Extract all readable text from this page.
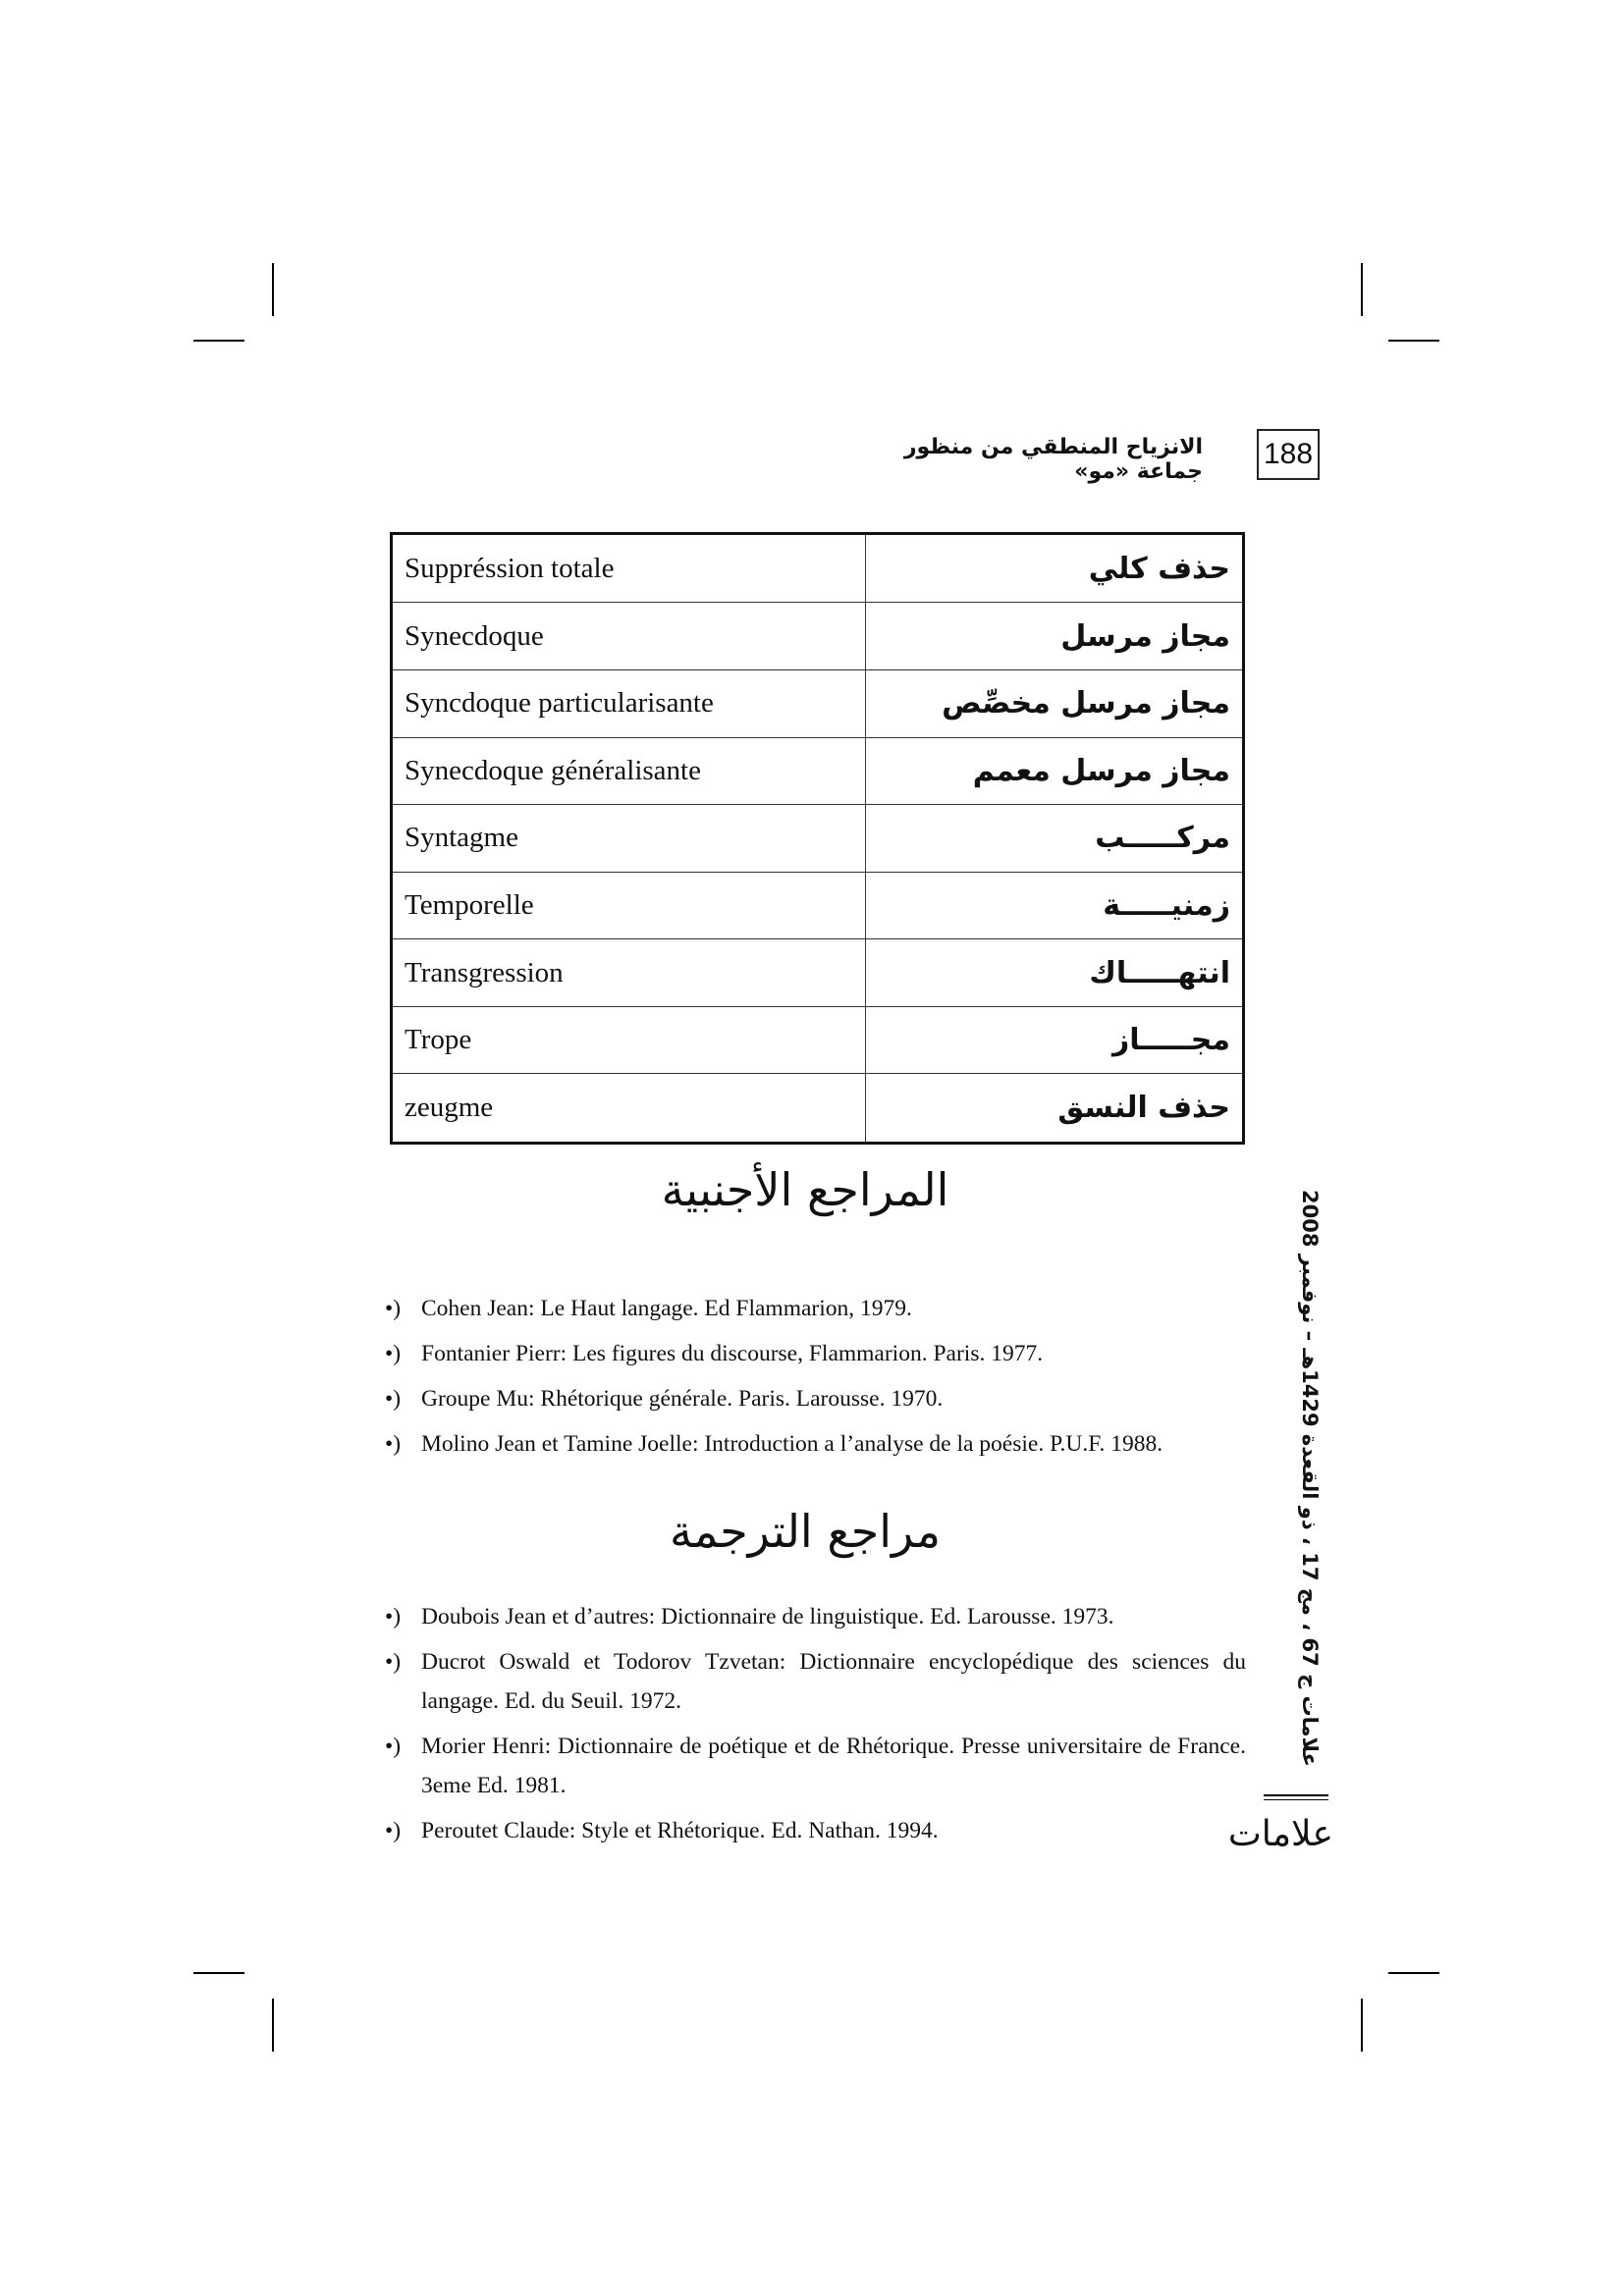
الانزياح المنطقي من منظور جماعة «مو»
188
Suppréssion totale	حذف كلي
Synecdoque	مجاز مرسل
Syncdoque particularisante	مجاز مرسل مخصِّص
Synecdoque généralisante	مجاز مرسل معمم
Syntagme	مركـــــب
Temporelle	زمنيـــــة
Transgression	انتهـــــاك
Trope	مجـــــاز
zeugme	حذف النسق
المراجع الأجنبية
•) Cohen Jean: Le Haut langage. Ed Flammarion, 1979.
•) Fontanier Pierr: Les figures du discourse, Flammarion. Paris. 1977.
•) Groupe Mu: Rhétorique générale. Paris. Larousse. 1970.
•) Molino Jean et Tamine Joelle: Introduction a l’analyse de la poésie. P.U.F. 1988.
مراجع الترجمة
•) Doubois Jean et d’autres: Dictionnaire de linguistique. Ed. Larousse. 1973.
•) Ducrot Oswald et Todorov Tzvetan: Dictionnaire encyclopédique des sciences du langage. Ed. du Seuil. 1972.
•) Morier Henri: Dictionnaire de poétique et de Rhétorique. Presse universitaire de France. 3eme Ed. 1981.
•) Peroutet Claude: Style et Rhétorique. Ed. Nathan. 1994.
علامات ج 67 ، مج 17 ، ذو القعدة 1429هـ – نوفمبر 2008
علامات
